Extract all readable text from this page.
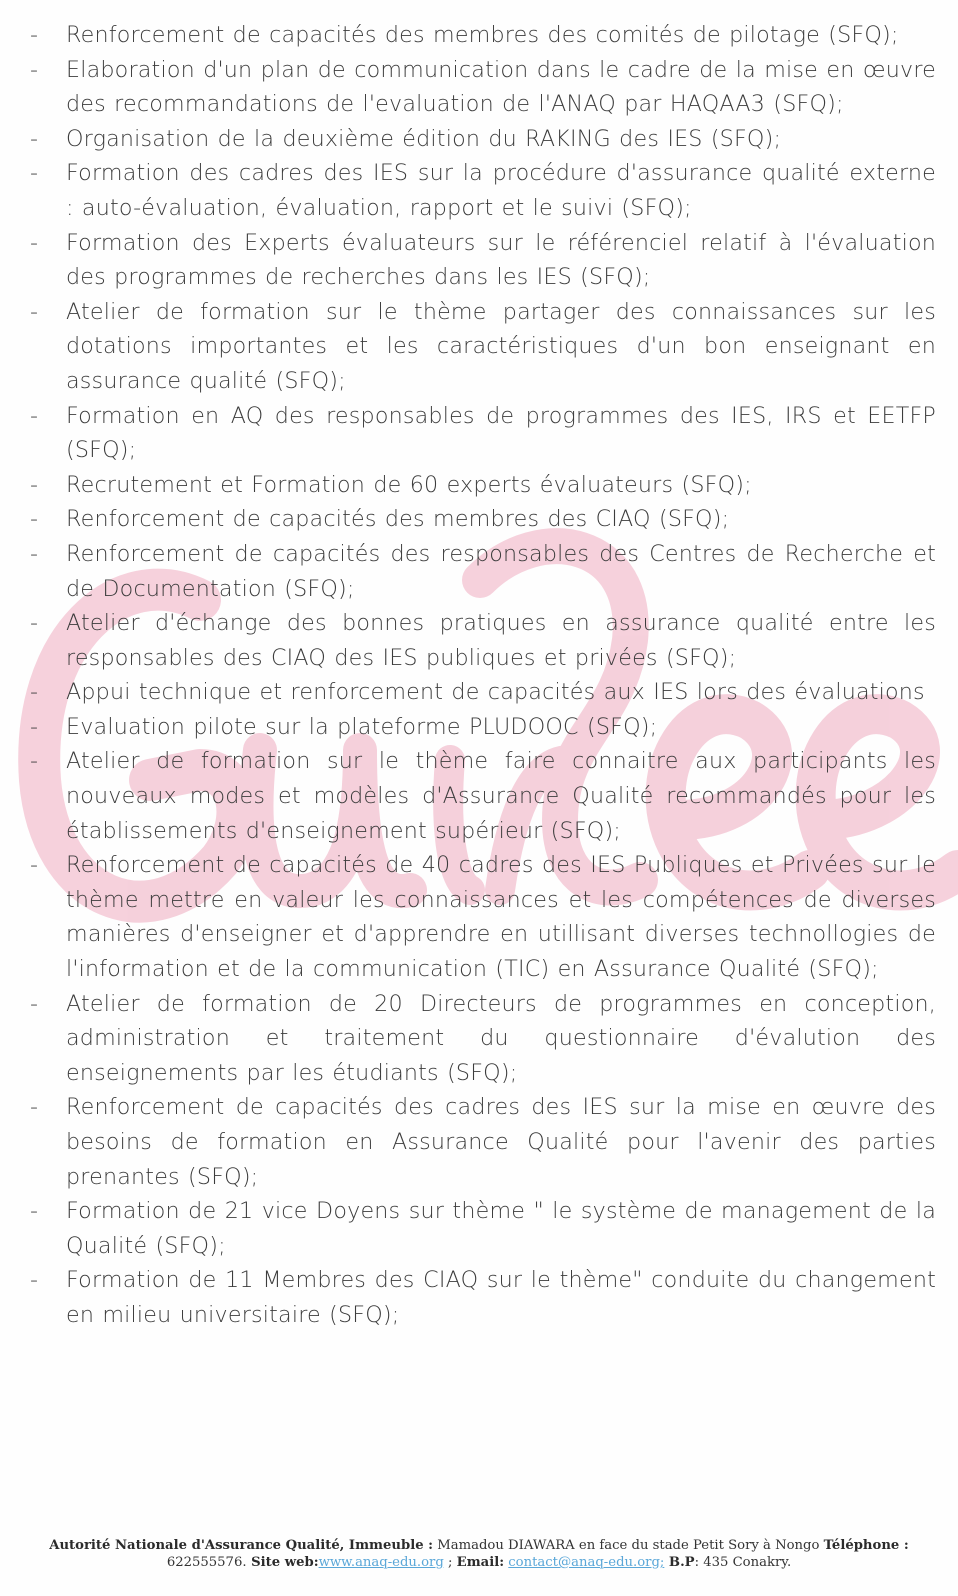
-	Renforcement de capacités des membres des comités de pilotage (SFQ);
-	Elaboration d'un plan de communication dans le cadre de la mise en œuvre des recommandations de l'evaluation de l'ANAQ par HAQAA3 (SFQ);
-	Organisation de la deuxième édition du RAKING des IES (SFQ);
-	Formation des cadres des IES sur la procédure d'assurance qualité externe : auto-évaluation, évaluation, rapport et le suivi (SFQ);
-	Formation des Experts évaluateurs sur le référenciel relatif à l'évaluation des programmes de recherches dans les IES (SFQ);
-	Atelier de formation sur le thème partager des connaissances sur les dotations importantes et les caractéristiques d'un bon enseignant en assurance qualité (SFQ);
-	Formation en AQ des responsables de programmes des IES, IRS et EETFP (SFQ);
-	Recrutement et Formation de 60 experts évaluateurs (SFQ);
-	Renforcement de capacités des membres des CIAQ (SFQ);
-	Renforcement de capacités des responsables des Centres de Recherche et de Documentation (SFQ);
-	Atelier d'échange des bonnes pratiques en assurance qualité entre les responsables des CIAQ des IES publiques et privées (SFQ);
-	Appui technique et renforcement de capacités aux IES lors des évaluations
-	Evaluation pilote sur la plateforme PLUDOOC (SFQ);
-	Atelier de formation sur le thème faire connaitre aux participants les nouveaux modes et modèles d'Assurance Qualité recommandés pour les établissements d'enseignement supérieur (SFQ);
-	Renforcement de capacités de 40 cadres des IES Publiques et Privées sur le thème mettre en valeur les connaissances et les compétences de diverses manières d'enseigner et d'apprendre en utillisant diverses technollogies de l'information et de la communication (TIC) en Assurance Qualité (SFQ);
-	Atelier de formation de 20 Directeurs de programmes en conception, administration et traitement du questionnaire d'évalution des enseignements par les étudiants (SFQ);
-	Renforcement de capacités des cadres des IES sur la mise en œuvre des besoins de formation en Assurance Qualité pour l'avenir des parties prenantes (SFQ);
-	Formation de 21 vice Doyens sur thème " le système de management de la Qualité (SFQ);
-	Formation de 11 Membres des CIAQ sur le thème" conduite du changement en milieu universitaire (SFQ);
Autorité Nationale d'Assurance Qualité, Immeuble : Mamadou DIAWARA en face du stade Petit Sory à Nongo Téléphone :
622555576. Site web:www.anaq-edu.org ; Email: contact@anaq-edu.org; B.P: 435 Conakry.
